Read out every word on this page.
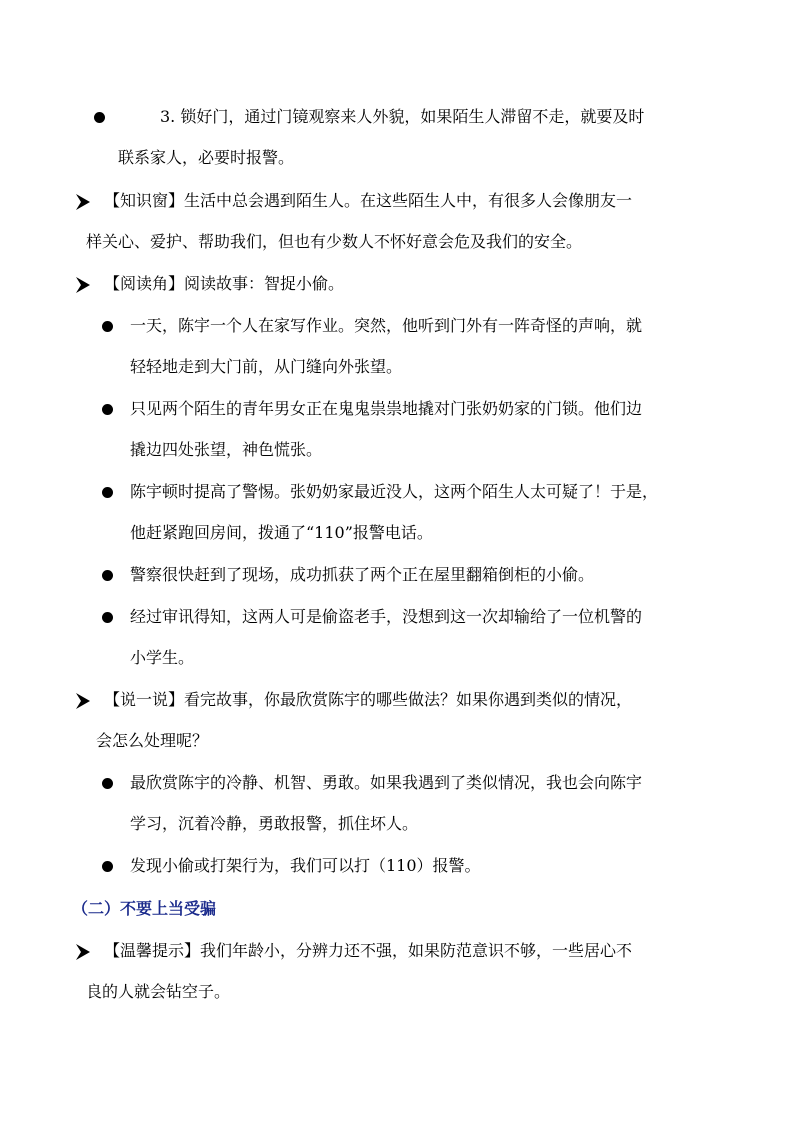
3. 锁好门，通过门镜观察来人外貌，如果陌生人滞留不走，就要及时
联系家人，必要时报警。
【知识窗】生活中总会遇到陌生人。在这些陌生人中，有很多人会像朋友一
样关心、爱护、帮助我们，但也有少数人不怀好意会危及我们的安全。
【阅读角】阅读故事：智捉小偷。
一天，陈宇一个人在家写作业。突然，他听到门外有一阵奇怪的声响，就
轻轻地走到大门前，从门缝向外张望。
只见两个陌生的青年男女正在鬼鬼祟祟地撬对门张奶奶家的门锁。他们边
撬边四处张望，神色慌张。
陈宇顿时提高了警惕。张奶奶家最近没人，这两个陌生人太可疑了！于是，
他赶紧跑回房间，拨通了“110”报警电话。
警察很快赶到了现场，成功抓获了两个正在屋里翻箱倒柜的小偷。
经过审讯得知，这两人可是偷盗老手，没想到这一次却输给了一位机警的
小学生。
【说一说】看完故事，你最欣赏陈宇的哪些做法？如果你遇到类似的情况，
会怎么处理呢？
最欣赏陈宇的冷静、机智、勇敢。如果我遇到了类似情况，我也会向陈宇
学习，沉着冷静，勇敢报警，抓住坏人。
发现小偷或打架行为，我们可以打（110）报警。
（二）不要上当受骗
【温馨提示】我们年龄小，分辨力还不强，如果防范意识不够，一些居心不
良的人就会钻空子。
